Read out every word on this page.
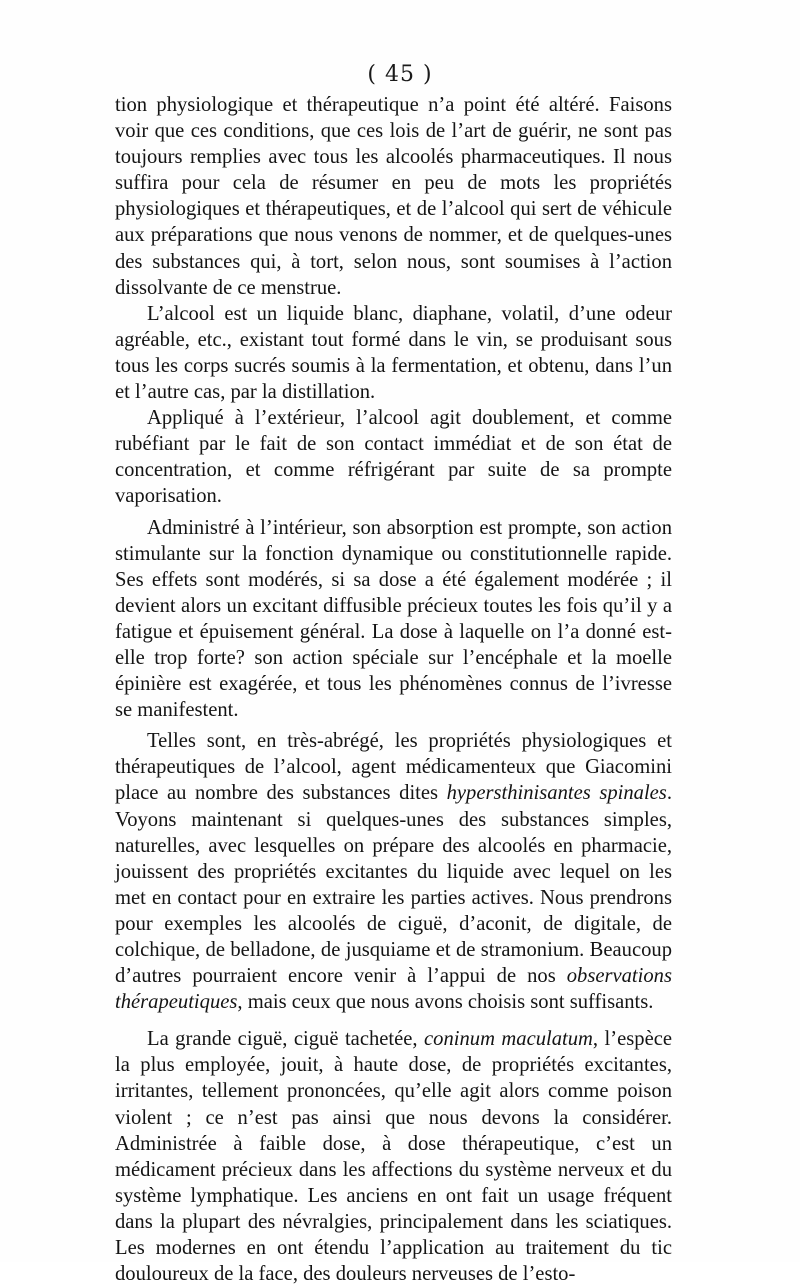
( 45 )

tion physiologique et thérapeutique n’a point été altéré. Faisons voir que ces conditions, que ces lois de l’art de guérir, ne sont pas toujours remplies avec tous les alcoolés pharmaceutiques. Il nous suffira pour cela de résumer en peu de mots les propriétés physiologiques et thérapeutiques, et de l’alcool qui sert de véhicule aux préparations que nous venons de nommer, et de quelques-unes des substances qui, à tort, selon nous, sont soumises à l’action dissolvante de ce menstrue.

L’alcool est un liquide blanc, diaphane, volatil, d’une odeur agréable, etc., existant tout formé dans le vin, se produisant sous tous les corps sucrés soumis à la fermentation, et obtenu, dans l’un et l’autre cas, par la distillation.

Appliqué à l’extérieur, l’alcool agit doublement, et comme rubéfiant par le fait de son contact immédiat et de son état de concentration, et comme réfrigérant par suite de sa prompte vaporisation.

Administré à l’intérieur, son absorption est prompte, son action stimulante sur la fonction dynamique ou constitutionnelle rapide. Ses effets sont modérés, si sa dose a été également modérée ; il devient alors un excitant diffusible précieux toutes les fois qu’il y a fatigue et épuisement général. La dose à laquelle on l’a donné est-elle trop forte? son action spéciale sur l’encéphale et la moelle épinière est exagérée, et tous les phénomènes connus de l’ivresse se manifestent.

Telles sont, en très-abrégé, les propriétés physiologiques et thérapeutiques de l’alcool, agent médicamenteux que Giacomini place au nombre des substances dites hypersthinisantes spinales. Voyons maintenant si quelques-unes des substances simples, naturelles, avec lesquelles on prépare des alcoolés en pharmacie, jouissent des propriétés excitantes du liquide avec lequel on les met en contact pour en extraire les parties actives. Nous prendrons pour exemples les alcoolés de ciguë, d’aconit, de digitale, de colchique, de belladone, de jusquiame et de stramonium. Beaucoup d’autres pourraient encore venir à l’appui de nos observations thérapeutiques, mais ceux que nous avons choisis sont suffisants.

La grande ciguë, ciguë tachetée, coninum maculatum, l’espèce la plus employée, jouit, à haute dose, de propriétés excitantes, irritantes, tellement prononcées, qu’elle agit alors comme poison violent ; ce n’est pas ainsi que nous devons la considérer. Administrée à faible dose, à dose thérapeutique, c’est un médicament précieux dans les affections du système nerveux et du système lymphatique. Les anciens en ont fait un usage fréquent dans la plupart des névralgies, principalement dans les sciatiques. Les modernes en ont étendu l’application au traitement du tic douloureux de la face, des douleurs nerveuses de l’esto-
